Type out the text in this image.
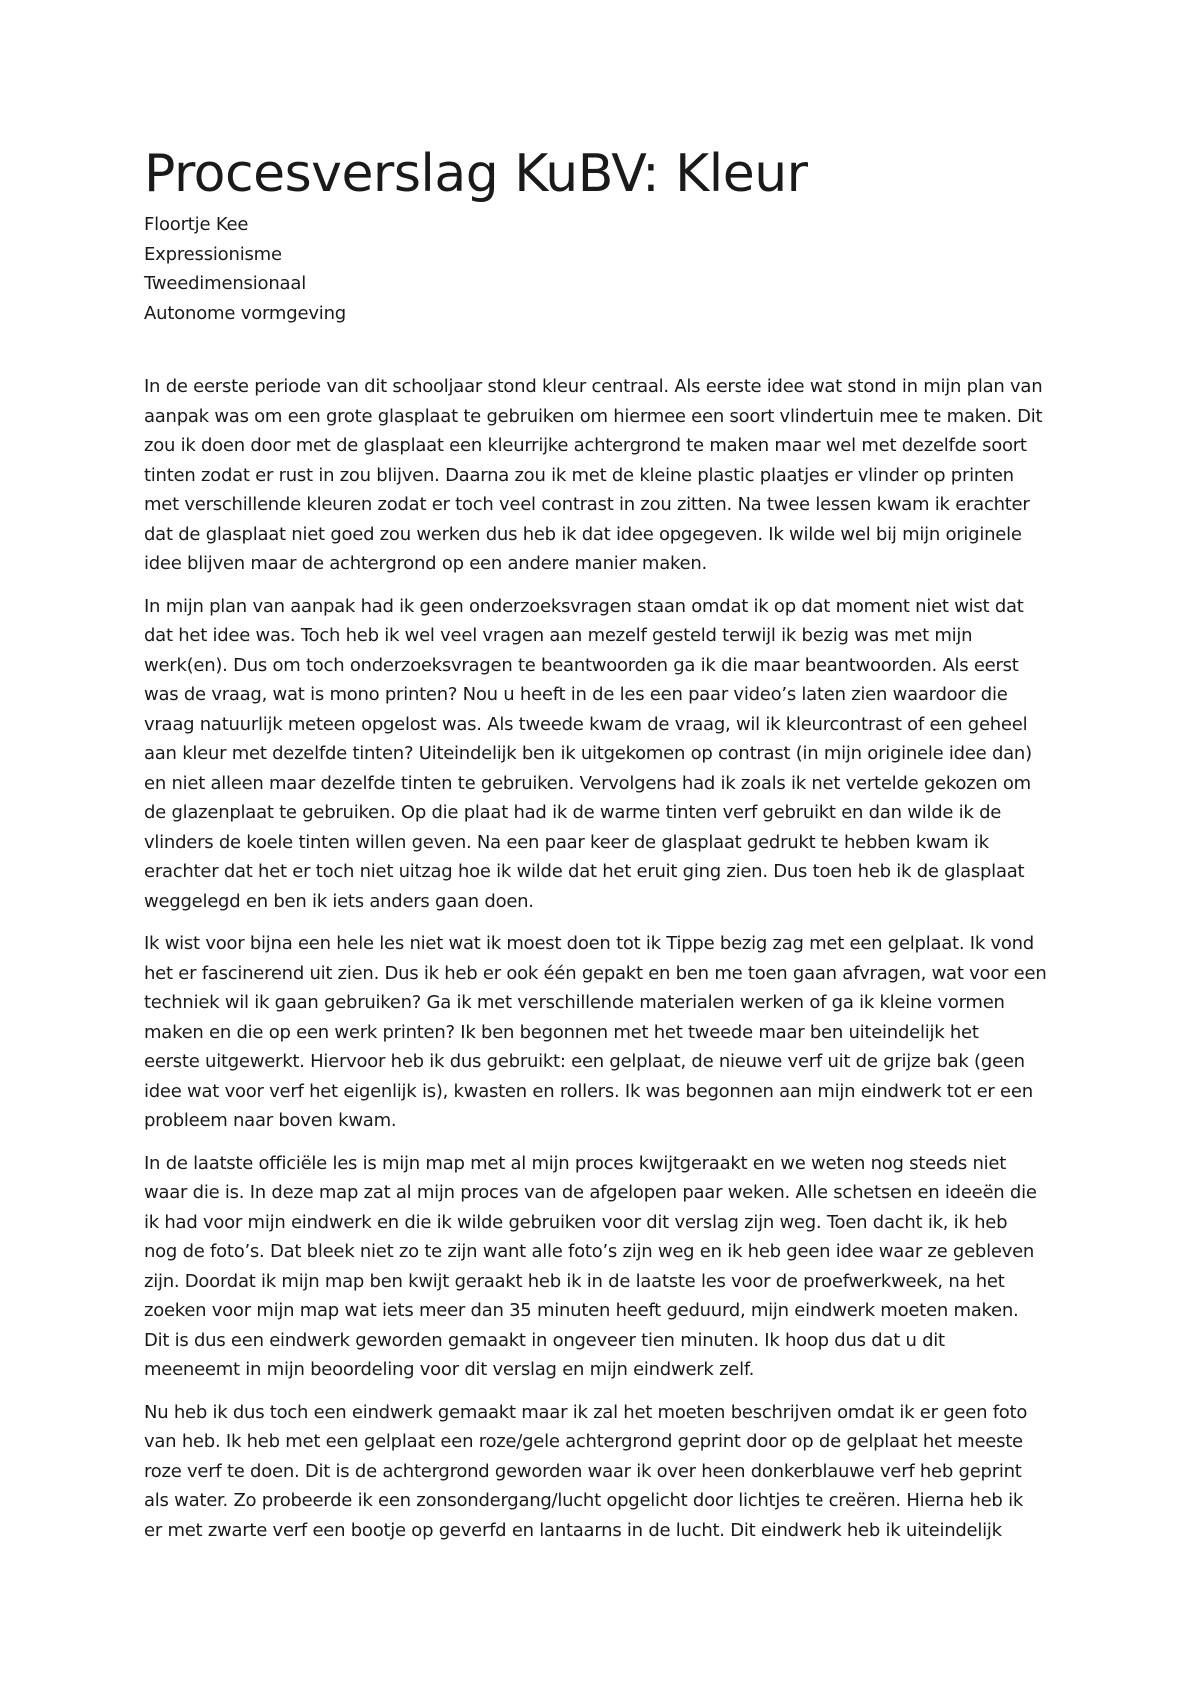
Procesverslag KuBV: Kleur
Floortje Kee
Expressionisme
Tweedimensionaal
Autonome vormgeving
In de eerste periode van dit schooljaar stond kleur centraal. Als eerste idee wat stond in mijn plan van
aanpak was om een grote glasplaat te gebruiken om hiermee een soort vlindertuin mee te maken. Dit
zou ik doen door met de glasplaat een kleurrijke achtergrond te maken maar wel met dezelfde soort
tinten zodat er rust in zou blijven. Daarna zou ik met de kleine plastic plaatjes er vlinder op printen
met verschillende kleuren zodat er toch veel contrast in zou zitten. Na twee lessen kwam ik erachter
dat de glasplaat niet goed zou werken dus heb ik dat idee opgegeven. Ik wilde wel bij mijn originele
idee blijven maar de achtergrond op een andere manier maken.
In mijn plan van aanpak had ik geen onderzoeksvragen staan omdat ik op dat moment niet wist dat
dat het idee was. Toch heb ik wel veel vragen aan mezelf gesteld terwijl ik bezig was met mijn
werk(en). Dus om toch onderzoeksvragen te beantwoorden ga ik die maar beantwoorden. Als eerst
was de vraag, wat is mono printen? Nou u heeft in de les een paar video’s laten zien waardoor die
vraag natuurlijk meteen opgelost was. Als tweede kwam de vraag, wil ik kleurcontrast of een geheel
aan kleur met dezelfde tinten? Uiteindelijk ben ik uitgekomen op contrast (in mijn originele idee dan)
en niet alleen maar dezelfde tinten te gebruiken. Vervolgens had ik zoals ik net vertelde gekozen om
de glazenplaat te gebruiken. Op die plaat had ik de warme tinten verf gebruikt en dan wilde ik de
vlinders de koele tinten willen geven. Na een paar keer de glasplaat gedrukt te hebben kwam ik
erachter dat het er toch niet uitzag hoe ik wilde dat het eruit ging zien. Dus toen heb ik de glasplaat
weggelegd en ben ik iets anders gaan doen.
Ik wist voor bijna een hele les niet wat ik moest doen tot ik Tippe bezig zag met een gelplaat. Ik vond
het er fascinerend uit zien. Dus ik heb er ook één gepakt en ben me toen gaan afvragen, wat voor een
techniek wil ik gaan gebruiken? Ga ik met verschillende materialen werken of ga ik kleine vormen
maken en die op een werk printen? Ik ben begonnen met het tweede maar ben uiteindelijk het
eerste uitgewerkt. Hiervoor heb ik dus gebruikt: een gelplaat, de nieuwe verf uit de grijze bak (geen
idee wat voor verf het eigenlijk is), kwasten en rollers. Ik was begonnen aan mijn eindwerk tot er een
probleem naar boven kwam.
In de laatste officiële les is mijn map met al mijn proces kwijtgeraakt en we weten nog steeds niet
waar die is. In deze map zat al mijn proces van de afgelopen paar weken. Alle schetsen en ideeën die
ik had voor mijn eindwerk en die ik wilde gebruiken voor dit verslag zijn weg. Toen dacht ik, ik heb
nog de foto’s. Dat bleek niet zo te zijn want alle foto’s zijn weg en ik heb geen idee waar ze gebleven
zijn. Doordat ik mijn map ben kwijt geraakt heb ik in de laatste les voor de proefwerkweek, na het
zoeken voor mijn map wat iets meer dan 35 minuten heeft geduurd, mijn eindwerk moeten maken.
Dit is dus een eindwerk geworden gemaakt in ongeveer tien minuten. Ik hoop dus dat u dit
meeneemt in mijn beoordeling voor dit verslag en mijn eindwerk zelf.
Nu heb ik dus toch een eindwerk gemaakt maar ik zal het moeten beschrijven omdat ik er geen foto
van heb. Ik heb met een gelplaat een roze/gele achtergrond geprint door op de gelplaat het meeste
roze verf te doen. Dit is de achtergrond geworden waar ik over heen donkerblauwe verf heb geprint
als water. Zo probeerde ik een zonsondergang/lucht opgelicht door lichtjes te creëren. Hierna heb ik
er met zwarte verf een bootje op geverfd en lantaarns in de lucht. Dit eindwerk heb ik uiteindelijk
